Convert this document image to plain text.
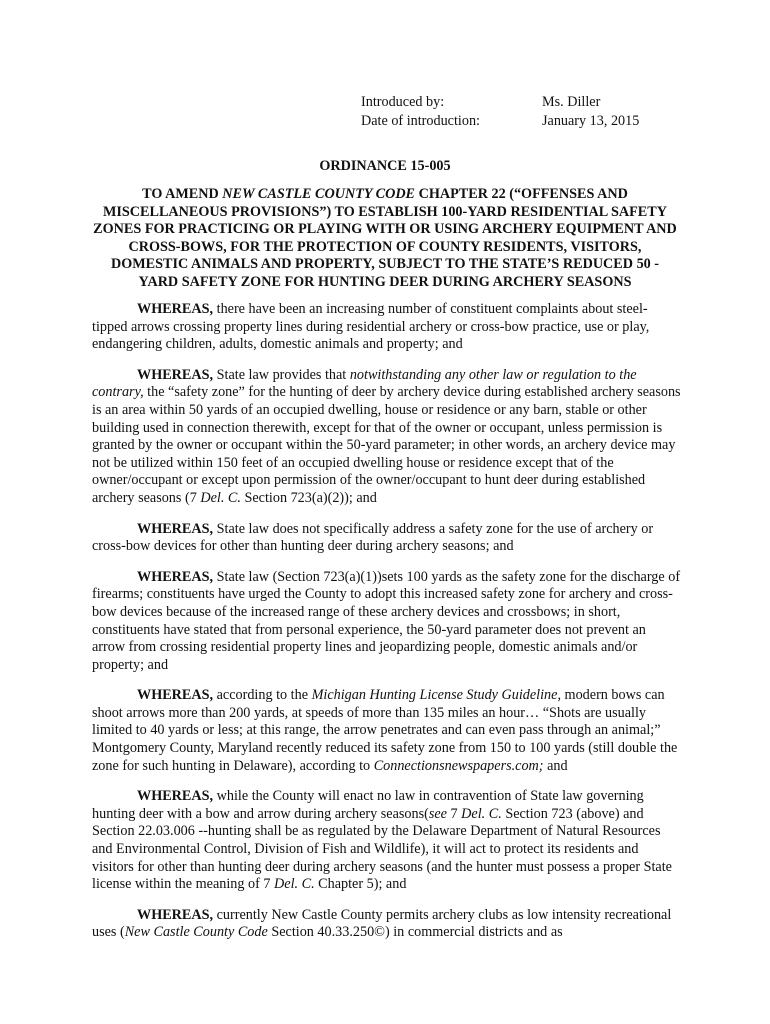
Introduced by:	Ms. Diller
Date of introduction:	January 13, 2015
ORDINANCE 15-005
TO AMEND NEW CASTLE COUNTY CODE CHAPTER 22 (“OFFENSES AND MISCELLANEOUS PROVISIONS”) TO ESTABLISH 100-YARD RESIDENTIAL SAFETY ZONES FOR PRACTICING OR PLAYING WITH OR USING ARCHERY EQUIPMENT AND CROSS-BOWS, FOR THE PROTECTION OF COUNTY RESIDENTS, VISITORS, DOMESTIC ANIMALS AND PROPERTY, SUBJECT TO THE STATE’S REDUCED 50 - YARD SAFETY ZONE FOR HUNTING DEER DURING ARCHERY SEASONS

WHEREAS, there have been an increasing number of constituent complaints about steel-tipped arrows crossing property lines during residential archery or cross-bow practice, use or play, endangering children, adults, domestic animals and property; and

WHEREAS, State law provides that notwithstanding any other law or regulation to the contrary, the “safety zone” for the hunting of deer by archery device during established archery seasons is an area within 50 yards of an occupied dwelling, house or residence or any barn, stable or other building used in connection therewith, except for that of the owner or occupant, unless permission is granted by the owner or occupant within the 50-yard parameter; in other words, an archery device may not be utilized within 150 feet of an occupied dwelling house or residence except that of the owner/occupant or except upon permission of the owner/occupant to hunt deer during established archery seasons (7 Del. C. Section 723(a)(2)); and

WHEREAS, State law does not specifically address a safety zone for the use of archery or cross-bow devices for other than hunting deer during archery seasons; and

WHEREAS, State law (Section 723(a)(1))sets 100 yards as the safety zone for the discharge of firearms; constituents have urged the County to adopt this increased safety zone for archery and cross-bow devices because of the increased range of these archery devices and crossbows; in short, constituents have stated that from personal experience, the 50-yard parameter does not prevent an arrow from crossing residential property lines and jeopardizing people, domestic animals and/or property; and

WHEREAS, according to the Michigan Hunting License Study Guideline, modern bows can shoot arrows more than 200 yards, at speeds of more than 135 miles an hour… “Shots are usually limited to 40 yards or less; at this range, the arrow penetrates and can even pass through an animal;” Montgomery County, Maryland recently reduced its safety zone from 150 to 100 yards (still double the zone for such hunting in Delaware), according to Connectionsnewspapers.com; and

WHEREAS, while the County will enact no law in contravention of State law governing hunting deer with a bow and arrow during archery seasons(see 7 Del. C. Section 723 (above) and Section 22.03.006 --hunting shall be as regulated by the Delaware Department of Natural Resources and Environmental Control, Division of Fish and Wildlife), it will act to protect its residents and visitors for other than hunting deer during archery seasons (and the hunter must possess a proper State license within the meaning of 7 Del. C. Chapter 5); and

WHEREAS, currently New Castle County permits archery clubs as low intensity recreational uses (New Castle County Code Section 40.33.250©) in commercial districts and as
